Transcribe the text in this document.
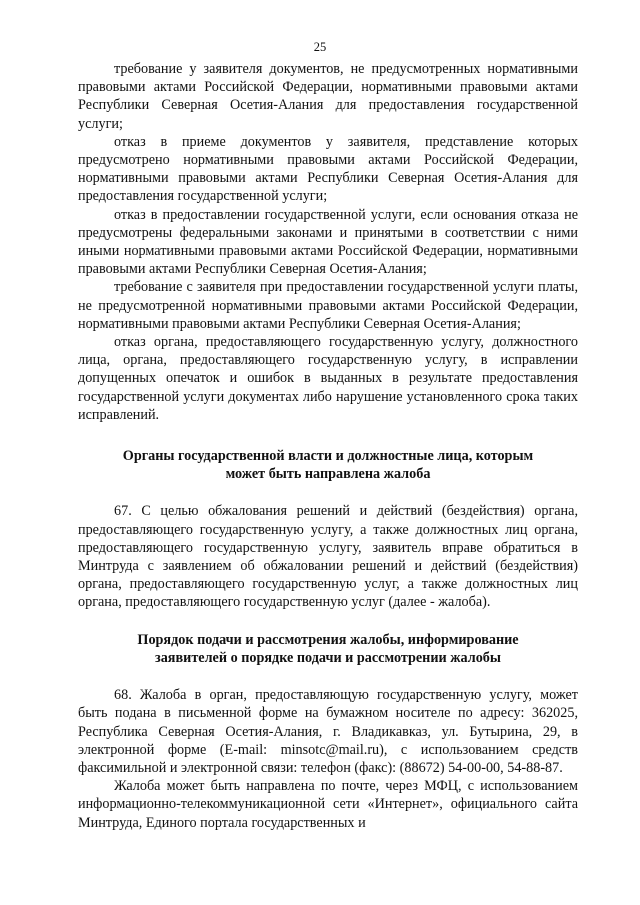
25

требование у заявителя документов, не предусмотренных нормативными правовыми актами Российской Федерации, нормативными правовыми актами Республики Северная Осетия-Алания для предоставления государственной услуги;

отказ в приеме документов у заявителя, представление которых предусмотрено нормативными правовыми актами Российской Федерации, нормативными правовыми актами Республики Северная Осетия-Алания для предоставления государственной услуги;

отказ в предоставлении государственной услуги, если основания отказа не предусмотрены федеральными законами и принятыми в соответствии с ними иными нормативными правовыми актами Российской Федерации, нормативными правовыми актами Республики Северная Осетия-Алания;

требование с заявителя при предоставлении государственной услуги платы, не предусмотренной нормативными правовыми актами Российской Федерации, нормативными правовыми актами Республики Северная Осетия-Алания;

отказ органа, предоставляющего государственную услугу, должностного лица, органа, предоставляющего государственную услугу, в исправлении допущенных опечаток и ошибок в выданных в результате предоставления государственной услуги документах либо нарушение установленного срока таких исправлений.

Органы государственной власти и должностные лица, которым

может быть направлена жалоба

67. С целью обжалования решений и действий (бездействия) органа, предоставляющего государственную услугу, а также должностных лиц органа, предоставляющего государственную услугу, заявитель вправе обратиться в Минтруда с заявлением об обжаловании решений и действий (бездействия) органа, предоставляющего государственную услуг, а также должностных лиц органа, предоставляющего государственную услуг (далее - жалоба).

Порядок подачи и рассмотрения жалобы, информирование

заявителей о порядке подачи и рассмотрении жалобы

68. Жалоба в орган, предоставляющую государственную услугу, может быть подана в письменной форме на бумажном носителе по адресу: 362025, Республика Северная Осетия-Алания, г. Владикавказ, ул. Бутырина, 29, в электронной форме (E-mail: minsotc@mail.ru), с использованием средств факсимильной и электронной связи: телефон (факс): (88672) 54-00-00, 54-88-87.

Жалоба может быть направлена по почте, через МФЦ, с использованием информационно-телекоммуникационной сети «Интернет», официального сайта Минтруда, Единого портала государственных и
